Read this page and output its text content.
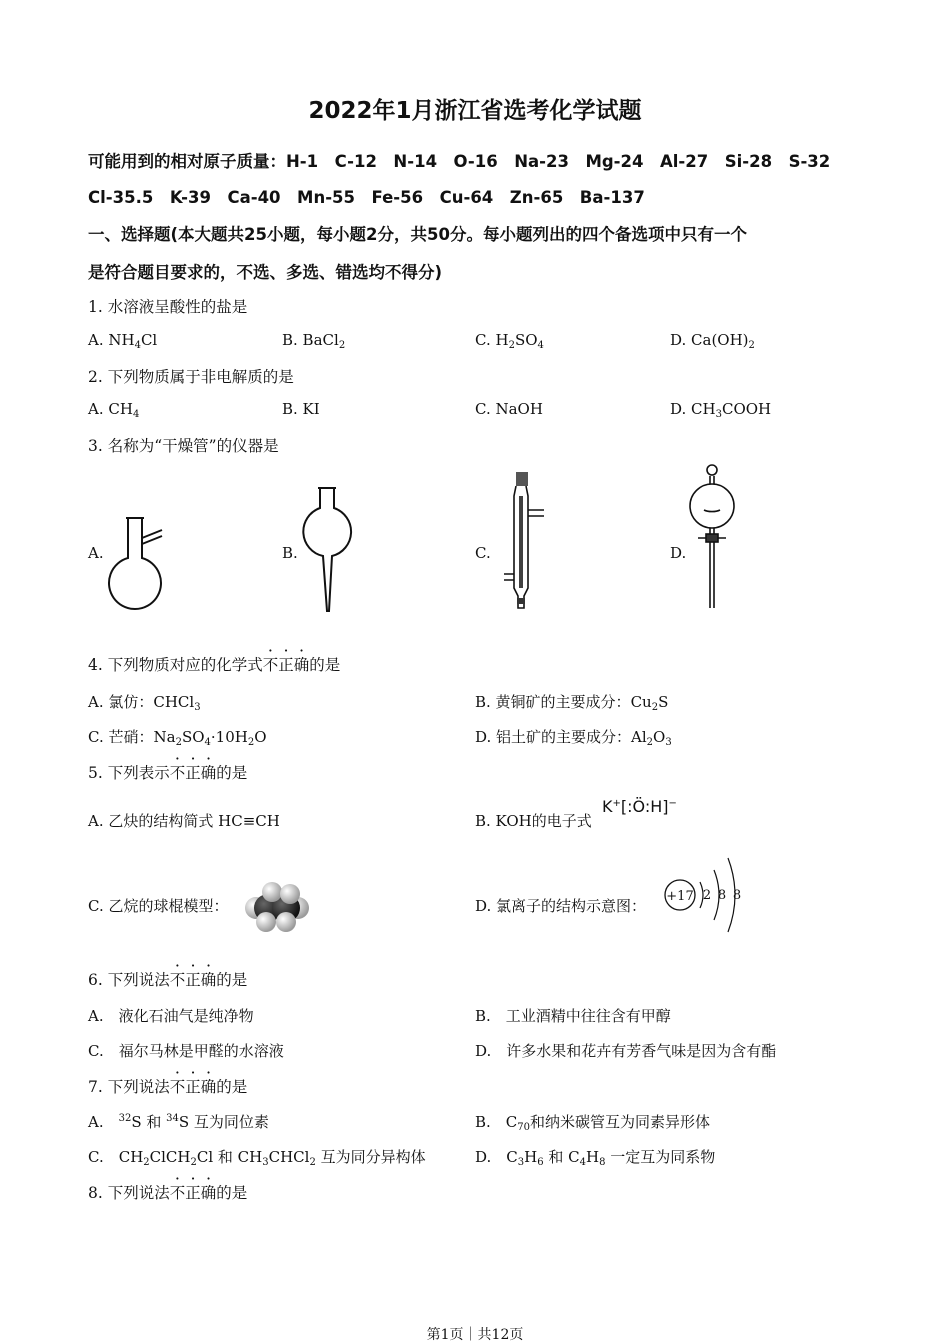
2022年1月浙江省选考化学试题
可能用到的相对原子质量：H-1　C-12　N-14　O-16　Na-23　Mg-24　Al-27　Si-28　S-32
Cl-35.5　K-39　Ca-40　Mn-55　Fe-56　Cu-64　Zn-65　Ba-137
一、选择题(本大题共25小题，每小题2分，共50分。每小题列出的四个备选项中只有一个
是符合题目要求的，不选、多选、错选均不得分)
1. 水溶液呈酸性的盐是
A. $NH_4Cl$	B. BaCl$_2$	C. $H_2SO_4$	D. $Ca(OH)_2$
2. 下列物质属于非电解质的是
A. $CH_4$	B. KI	C. NaOH	D. $CH_3COOH$
3. 名称为“干燥管”的仪器是
A.	B.	C.	D.
4. 下列物质对应的化学式不正确的是
A. 氯仿：CHCl$_3$	B. 黄铜矿的主要成分：$Cu_2S$
C. 芒硝：$Na_2SO_4\cdot 10H_2O$	D. 铝土矿的主要成分：$Al_2O_3$
5. 下列表示不正确的是
A. 乙炔的结构简式 HC≡CH	B. KOH的电子式
K+[:Ö:H]−
C. 乙烷的球棍模型：	D. 氯离子的结构示意图：
+17 2 8 8
6. 下列说法不正确的是
A.　液化石油气是纯净物	B.　工业酒精中往往含有甲醇
C.　福尔马林是甲醛的水溶液	D.　许多水果和花卉有芳香气味是因为含有酯
7. 下列说法不正确的是
A.　$^{32}$S 和 $^{34}$S 互为同位素	B.　$C_{70}$和纳米碳管互为同素异形体
C.　$CH_2ClCH_2Cl$ 和 $CH_3CHCl_2$ 互为同分异构体	D.　$C_3H_6$ 和 $C_4H_8$ 一定互为同系物
8. 下列说法不正确的是
第1页｜共12页
